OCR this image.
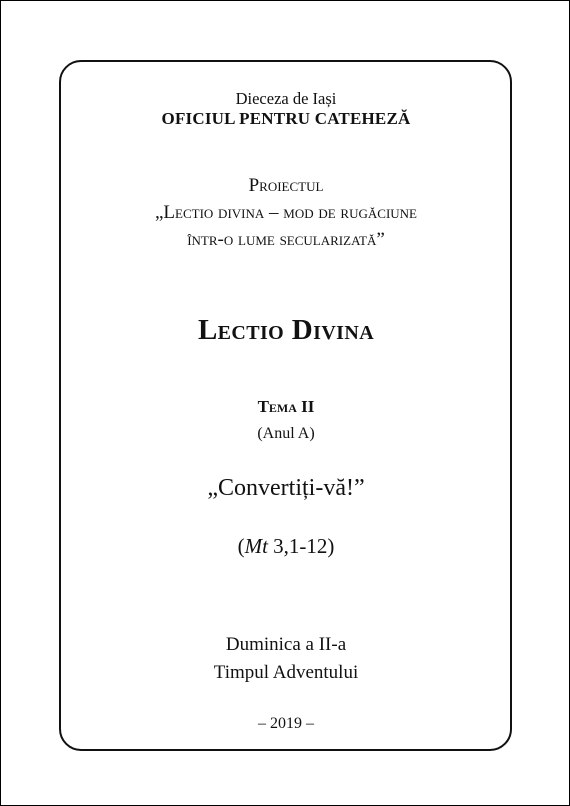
Dieceza de Iași
OFICIUL PENTRU CATEHEZĂ
Proiectul
„Lectio divina – mod de rugăciune
într-o lume secularizată”
Lectio Divina
Tema II
(Anul A)
„Convertiți-vă!”
(Mt 3,1-12)
Duminica a II-a
Timpul Adventului
– 2019 –
